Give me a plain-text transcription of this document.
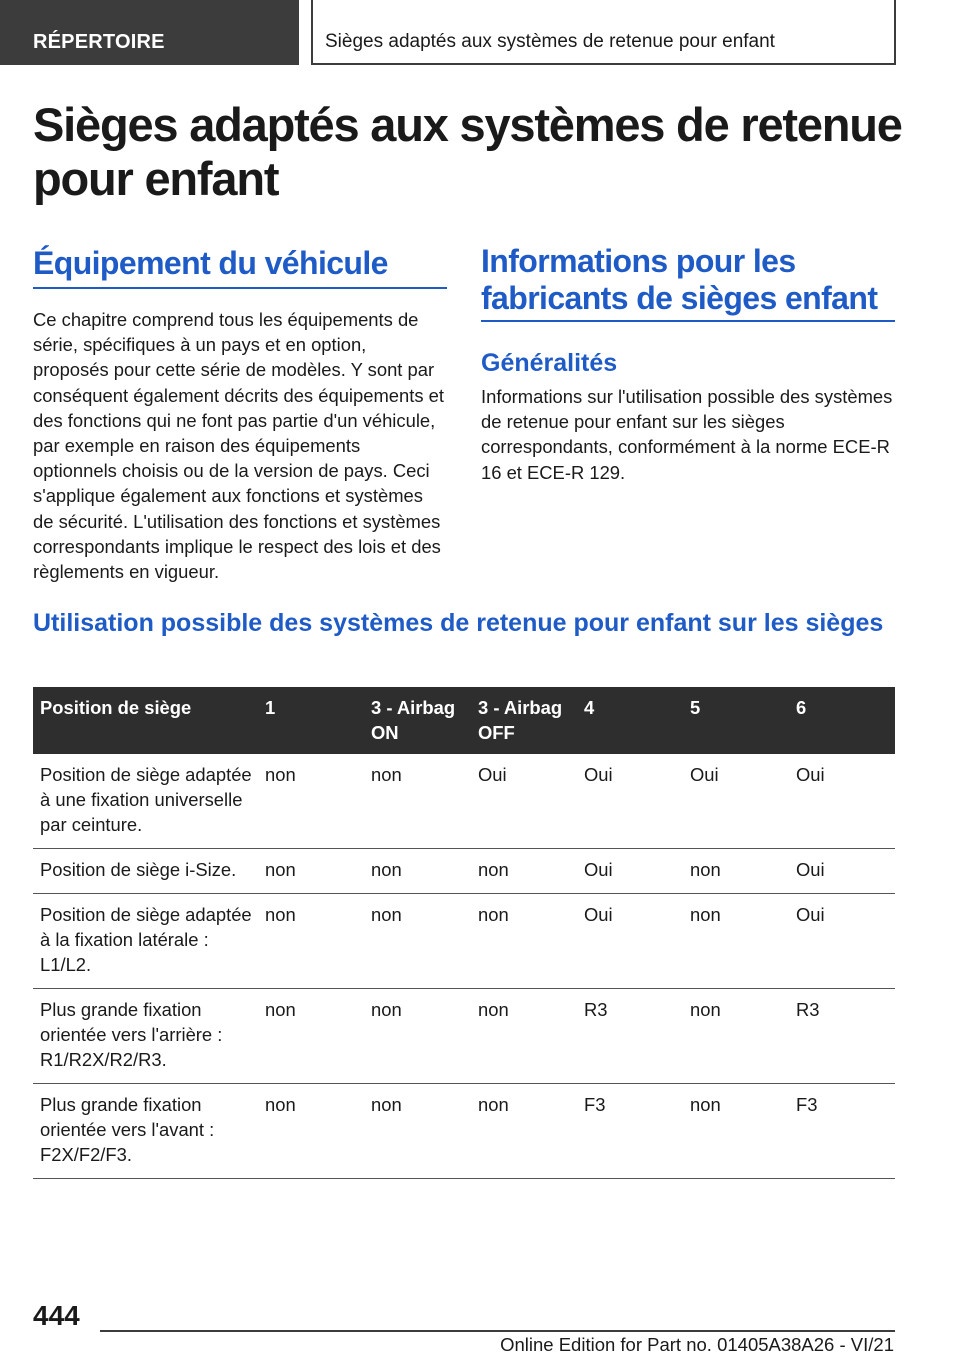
RÉPERTOIRE	Sièges adaptés aux systèmes de retenue pour enfant
Sièges adaptés aux systèmes de retenue pour enfant
Équipement du véhicule

Ce chapitre comprend tous les équipements de série, spécifiques à un pays et en option, proposés pour cette série de modèles. Y sont par conséquent également décrits des équipements et des fonctions qui ne font pas partie d'un véhicule, par exemple en raison des équipements optionnels choisis ou de la version de pays. Ceci s'applique également aux fonctions et systèmes de sécurité. L'utilisation des fonctions et systèmes correspondants implique le respect des lois et des règlements en vigueur.

Informations pour les fabricants de sièges enfant
Généralités

Informations sur l'utilisation possible des systèmes de retenue pour enfant sur les sièges correspondants, conformément à la norme ECE-R 16 et ECE-R 129.

Utilisation possible des systèmes de retenue pour enfant sur les sièges
Position de siège	1	3 - Airbag ON	3 - Airbag OFF	4	5	6
Position de siège adaptée à une fixation universelle par ceinture.	non	non	Oui	Oui	Oui	Oui
Position de siège i-Size.	non	non	non	Oui	non	Oui
Position de siège adaptée à la fixation latérale : L1/L2.	non	non	non	Oui	non	Oui
Plus grande fixation orientée vers l'arrière : R1/R2X/R2/R3.	non	non	non	R3	non	R3
Plus grande fixation orientée vers l'avant : F2X/F2/F3.	non	non	non	F3	non	F3
444
Online Edition for Part no. 01405A38A26 - VI/21
